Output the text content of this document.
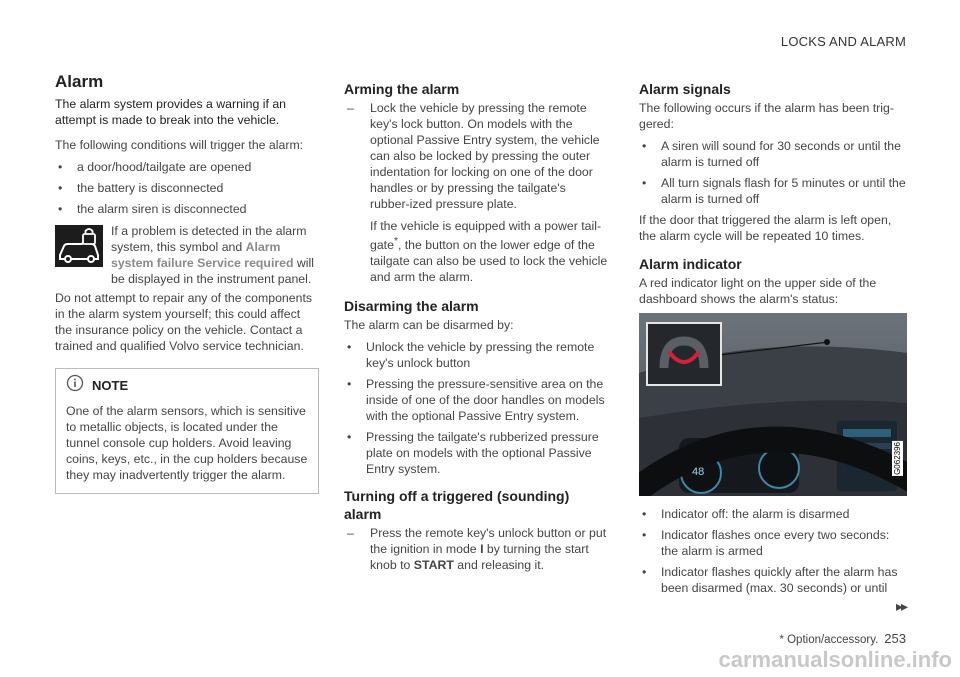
LOCKS AND ALARM
Alarm

The alarm system provides a warning if an attempt is made to break into the vehicle.

The following conditions will trigger the alarm:

• a door/hood/tailgate are opened
• the battery is disconnected
• the alarm siren is disconnected

If a problem is detected in the alarm system, this symbol and Alarm system failure Service required will be displayed in the instrument panel.

Do not attempt to repair any of the components in the alarm system yourself; this could affect the insurance policy on the vehicle. Contact a trained and qualified Volvo service technician.

NOTE

One of the alarm sensors, which is sensitive to metallic objects, is located under the tunnel console cup holders. Avoid leaving coins, keys, etc., in the cup holders because they may inadvertently trigger the alarm.

Arming the alarm
– Lock the vehicle by pressing the remote key's lock button. On models with the optional Passive Entry system, the vehicle can also be locked by pressing the outer indentation for locking on one of the door handles or by pressing the tailgate's rubber-ized pressure plate.

If the vehicle is equipped with a power tail-gate*, the button on the lower edge of the tailgate can also be used to lock the vehicle and arm the alarm.

Disarming the alarm

The alarm can be disarmed by:

• Unlock the vehicle by pressing the remote key's unlock button
• Pressing the pressure-sensitive area on the inside of one of the door handles on models with the optional Passive Entry system.
• Pressing the tailgate's rubberized pressure plate on models with the optional Passive Entry system.
Turning off a triggered (sounding) alarm
– Press the remote key's unlock button or put the ignition in mode I by turning the start knob to START and releasing it.
Alarm signals

The following occurs if the alarm has been trig-gered:

• A siren will sound for 30 seconds or until the alarm is turned off
• All turn signals flash for 5 minutes or until the alarm is turned off

If the door that triggered the alarm is left open, the alarm cycle will be repeated 10 times.

Alarm indicator

A red indicator light on the upper side of the dashboard shows the alarm's status:

48	G062396
• Indicator off: the alarm is disarmed
• Indicator flashes once every two seconds: the alarm is armed
• Indicator flashes quickly after the alarm has been disarmed (max. 30 seconds) or until
▸▸
* Option/accessory. 253
carmanualsonline.info
